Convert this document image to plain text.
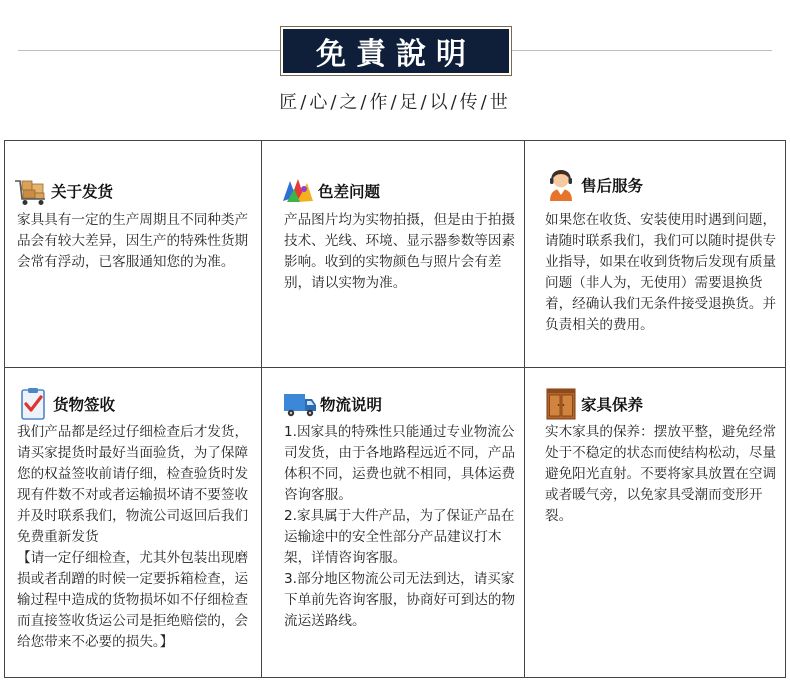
免責說明
匠/心/之/作/足/以/传/世
关于发货

家具具有一定的生产周期且不同种类产品会有较大差异，因生产的特殊性货期会常有浮动，已客服通知您的为准。

色差问题

产品图片均为实物拍摄，但是由于拍摄技术、光线、环境、显示器参数等因素影响。收到的实物颜色与照片会有差别，请以实物为准。

售后服务

如果您在收货、安装使用时遇到问题，请随时联系我们，我们可以随时提供专业指导，如果在收到货物后发现有质量问题（非人为，无使用）需要退换货着，经确认我们无条件接受退换货。并负责相关的费用。

货物签收

我们产品都是经过仔细检查后才发货，请买家提货时最好当面验货，为了保障您的权益签收前请仔细，检查验货时发现有件数不对或者运输损坏请不要签收并及时联系我们，物流公司返回后我们免费重新发货

【请一定仔细检查，尤其外包装出现磨损或者刮蹭的时候一定要拆箱检查，运输过程中造成的货物损坏如不仔细检查而直接签收货运公司是拒绝赔偿的，会给您带来不必要的损失。】

物流说明

1.因家具的特殊性只能通过专业物流公司发货，由于各地路程远近不同，产品体积不同，运费也就不相同，具体运费咨询客服。

2.家具属于大件产品，为了保证产品在运输途中的安全性部分产品建议打木架，详情咨询客服。

3.部分地区物流公司无法到达，请买家下单前先咨询客服，协商好可到达的物流运送路线。

家具保养

实木家具的保养：摆放平整，避免经常处于不稳定的状态而使结构松动，尽量避免阳光直射。不要将家具放置在空调或者暖气旁，以免家具受潮而变形开裂。
